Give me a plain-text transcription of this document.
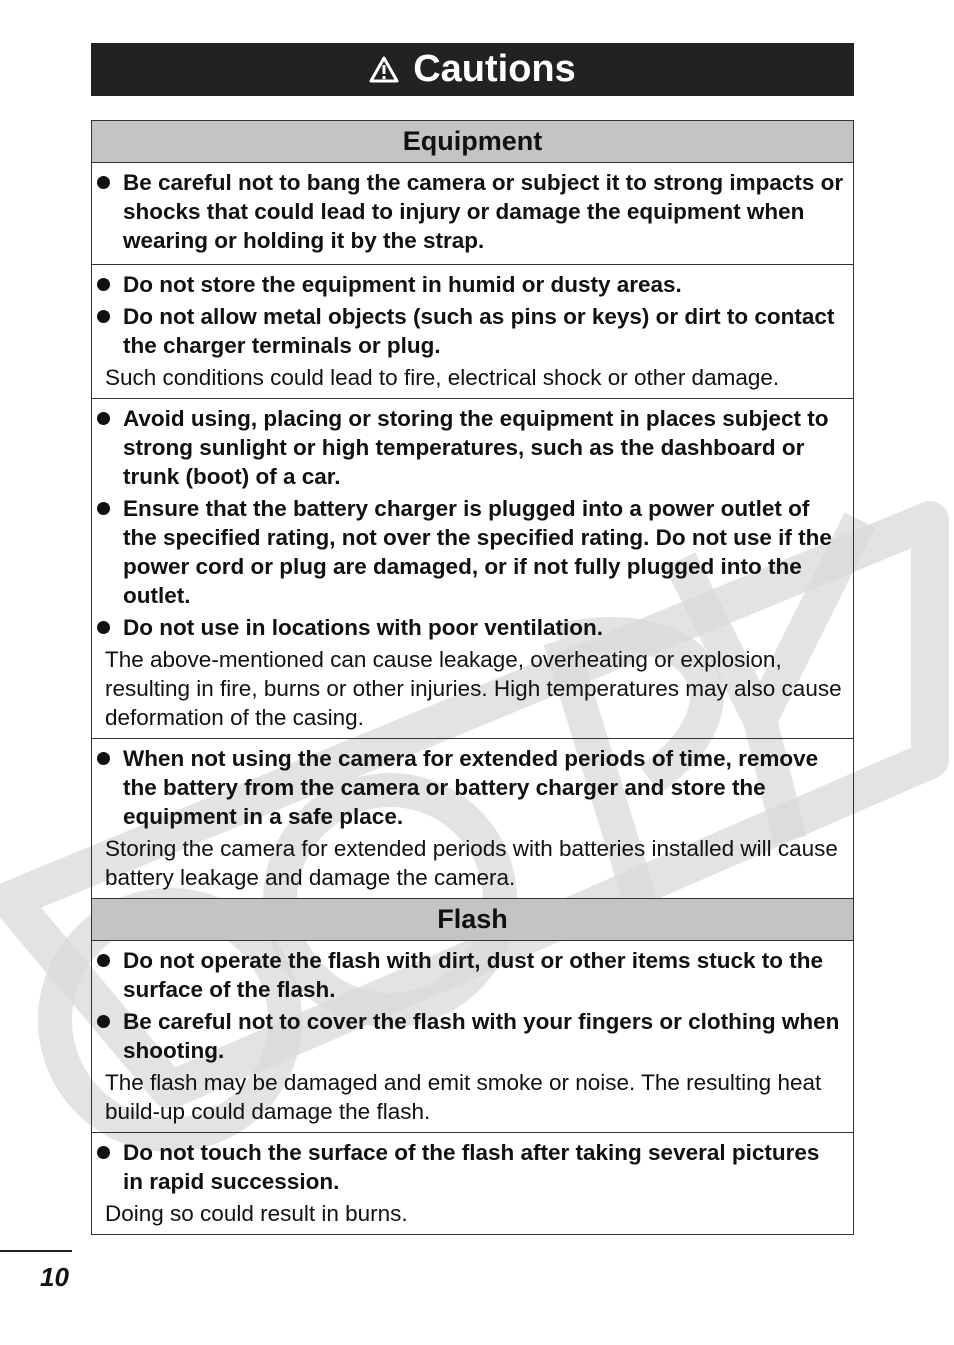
Cautions
Equipment
Be careful not to bang the camera or subject it to strong impacts or shocks that could lead to injury or damage the equipment when wearing or holding it by the strap.
Do not store the equipment in humid or dusty areas.
Do not allow metal objects (such as pins or keys) or dirt to contact the charger terminals or plug.
Such conditions could lead to fire, electrical shock or other damage.
Avoid using, placing or storing the equipment in places subject to strong sunlight or high temperatures, such as the dashboard or trunk (boot) of a car.
Ensure that the battery charger is plugged into a power outlet of the specified rating, not over the specified rating. Do not use if the power cord or plug are damaged, or if not fully plugged into the outlet.
Do not use in locations with poor ventilation.
The above-mentioned can cause leakage, overheating or explosion, resulting in fire, burns or other injuries. High temperatures may also cause deformation of the casing.
When not using the camera for extended periods of time, remove the battery from the camera or battery charger and store the equipment in a safe place.
Storing the camera for extended periods with batteries installed will cause battery leakage and damage the camera.
Flash
Do not operate the flash with dirt, dust or other items stuck to the surface of the flash.
Be careful not to cover the flash with your fingers or clothing when shooting.
The flash may be damaged and emit smoke or noise. The resulting heat build-up could damage the flash.
Do not touch the surface of the flash after taking several pictures in rapid succession.
Doing so could result in burns.
10
